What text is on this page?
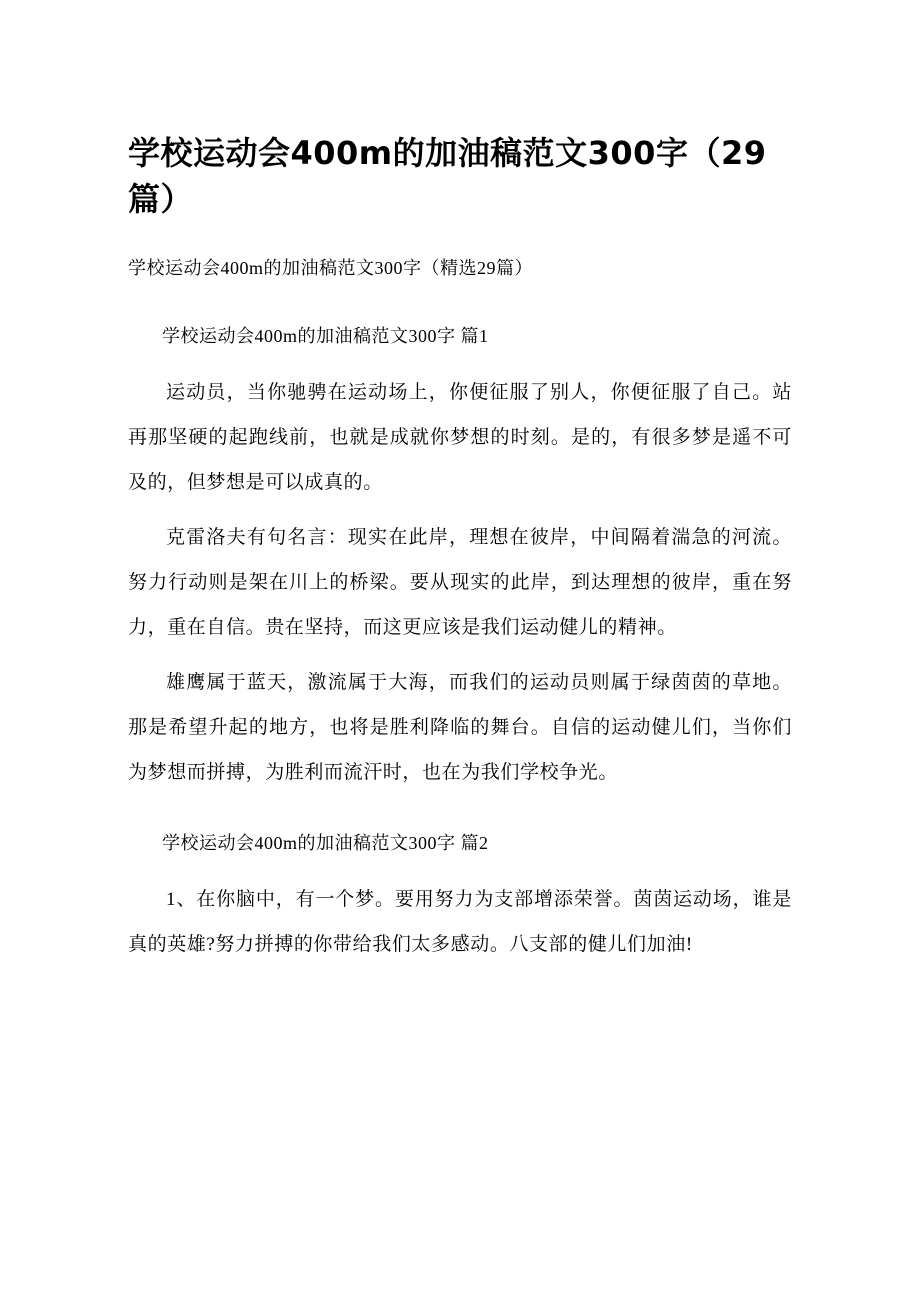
学校运动会400m的加油稿范文300字（29篇）

学校运动会400m的加油稿范文300字（精选29篇）

学校运动会400m的加油稿范文300字 篇1

运动员，当你驰骋在运动场上，你便征服了别人，你便征服了自己。站再那坚硬的起跑线前，也就是成就你梦想的时刻。是的，有很多梦是遥不可及的，但梦想是可以成真的。

克雷洛夫有句名言：现实在此岸，理想在彼岸，中间隔着湍急的河流。努力行动则是架在川上的桥梁。要从现实的此岸，到达理想的彼岸，重在努力，重在自信。贵在坚持，而这更应该是我们运动健儿的精神。

雄鹰属于蓝天，激流属于大海，而我们的运动员则属于绿茵茵的草地。那是希望升起的地方，也将是胜利降临的舞台。自信的运动健儿们，当你们为梦想而拼搏，为胜利而流汗时，也在为我们学校争光。

学校运动会400m的加油稿范文300字 篇2

1、在你脑中，有一个梦。要用努力为支部增添荣誉。茵茵运动场，谁是真的英雄?努力拼搏的你带给我们太多感动。八支部的健儿们加油!
